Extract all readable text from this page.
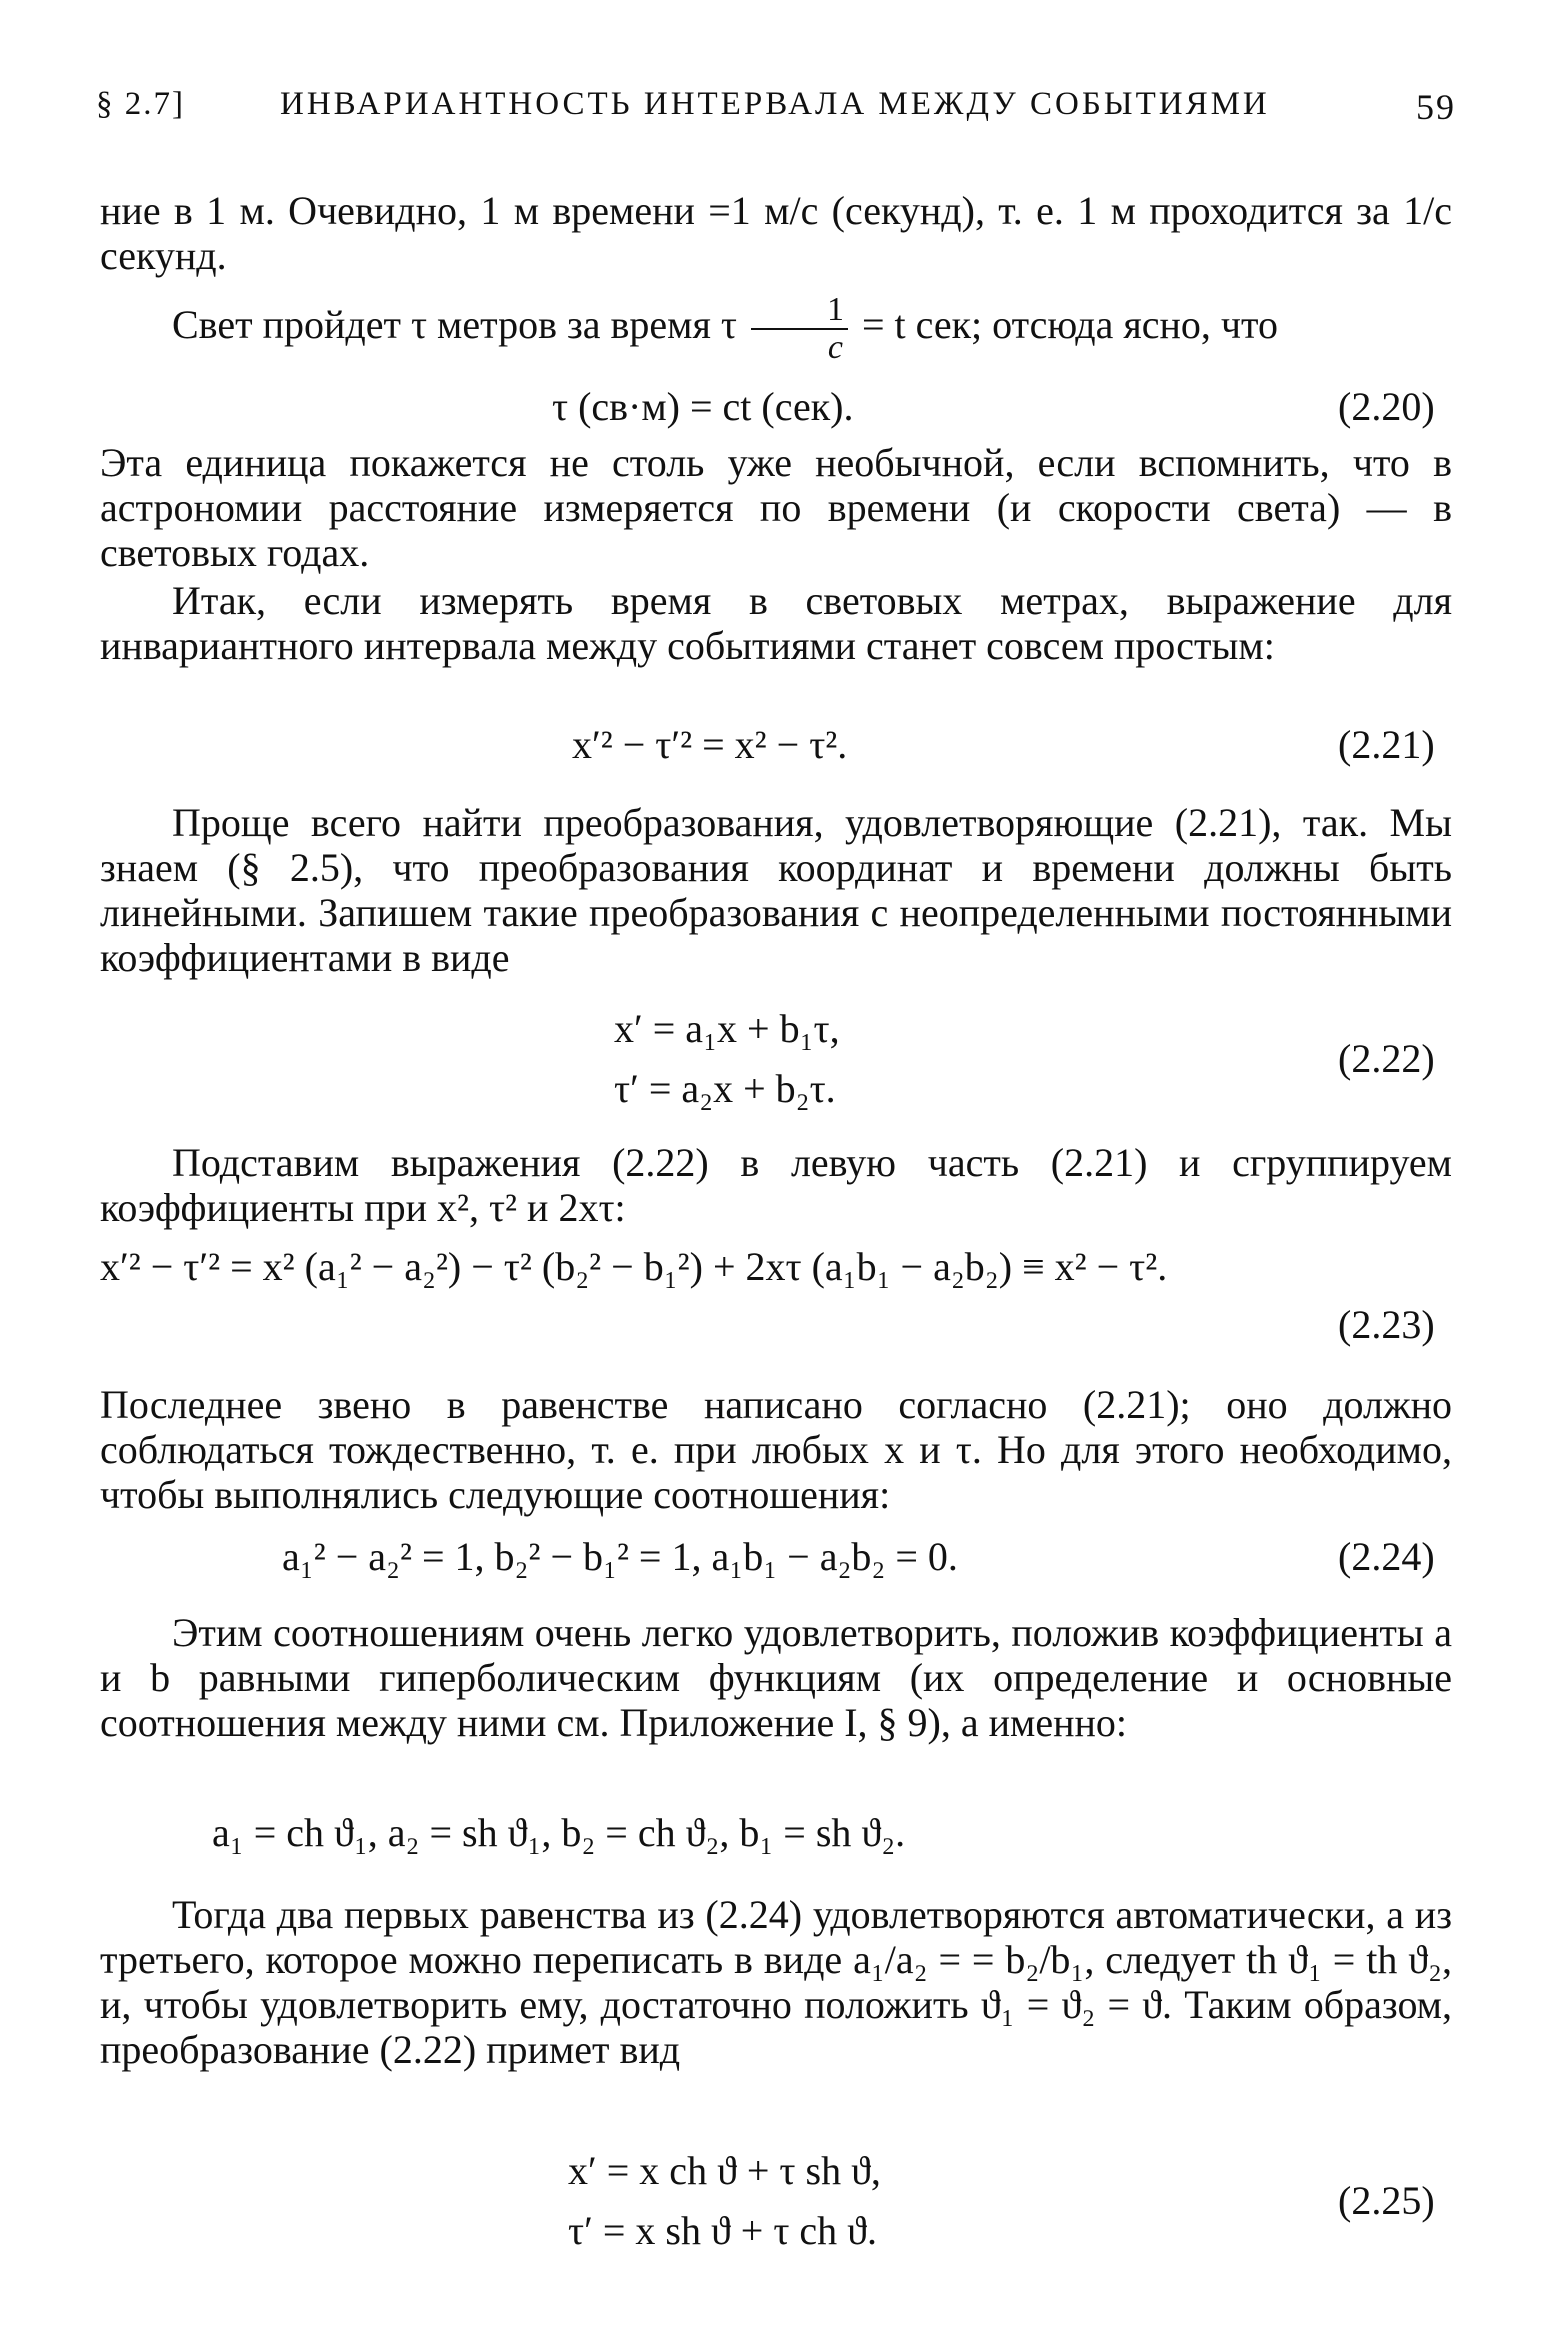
§ 2.7]	ИНВАРИАНТНОСТЬ ИНТЕРВАЛА МЕЖДУ СОБЫТИЯМИ	59
ние в 1 м. Очевидно, 1 м времени =1 м/с (секунд), т. е. 1 м проходится за 1/с секунд.
Свет пройдет τ метров за время τ $\frac{1}{c} = t$ сек; отсюда ясно, что
τ (св·м) = ct (сек).	(2.20)
Эта единица покажется не столь уже необычной, если вспомнить, что в астрономии расстояние измеряется по времени (и скорости света) — в световых годах.
Итак, если измерять время в световых метрах, выражение для инвариантного интервала между событиями станет совсем простым:
x′² − τ′² = x² − τ².	(2.21)
Проще всего найти преобразования, удовлетворяющие (2.21), так. Мы знаем (§ 2.5), что преобразования координат и времени должны быть линейными. Запишем такие преобразования с неопределенными постоянными коэффициентами в виде
x′ = a₁x + b₁τ,
τ′ = a₂x + b₂τ.
(2.22)
Подставим выражения (2.22) в левую часть (2.21) и сгруппируем коэффициенты при x², τ² и 2xτ:
x′² − τ′² = x² (a₁² − a₂²) − τ² (b₂² − b₁²) + 2xτ (a₁b₁ − a₂b₂) ≡ x² − τ².
(2.23)
Последнее звено в равенстве написано согласно (2.21); оно должно соблюдаться тождественно, т. е. при любых x и τ. Но для этого необходимо, чтобы выполнялись следующие соотношения:
a₁² − a₂² = 1, b₂² − b₁² = 1, a₁b₁ − a₂b₂ = 0.	(2.24)
Этим соотношениям очень легко удовлетворить, положив коэффициенты a и b равными гиперболическим функциям (их определение и основные соотношения между ними см. Приложение I, § 9), а именно:
a₁ = ch ϑ₁, a₂ = sh ϑ₁, b₂ = ch ϑ₂, b₁ = sh ϑ₂.
Тогда два первых равенства из (2.24) удовлетворяются автоматически, а из третьего, которое можно переписать в виде a₁/a₂ = = b₂/b₁, следует th ϑ₁ = th ϑ₂, и, чтобы удовлетворить ему, достаточно положить ϑ₁ = ϑ₂ = ϑ. Таким образом, преобразование (2.22) примет вид
x′ = x ch ϑ + τ sh ϑ,
τ′ = x sh ϑ + τ ch ϑ.
(2.25)
